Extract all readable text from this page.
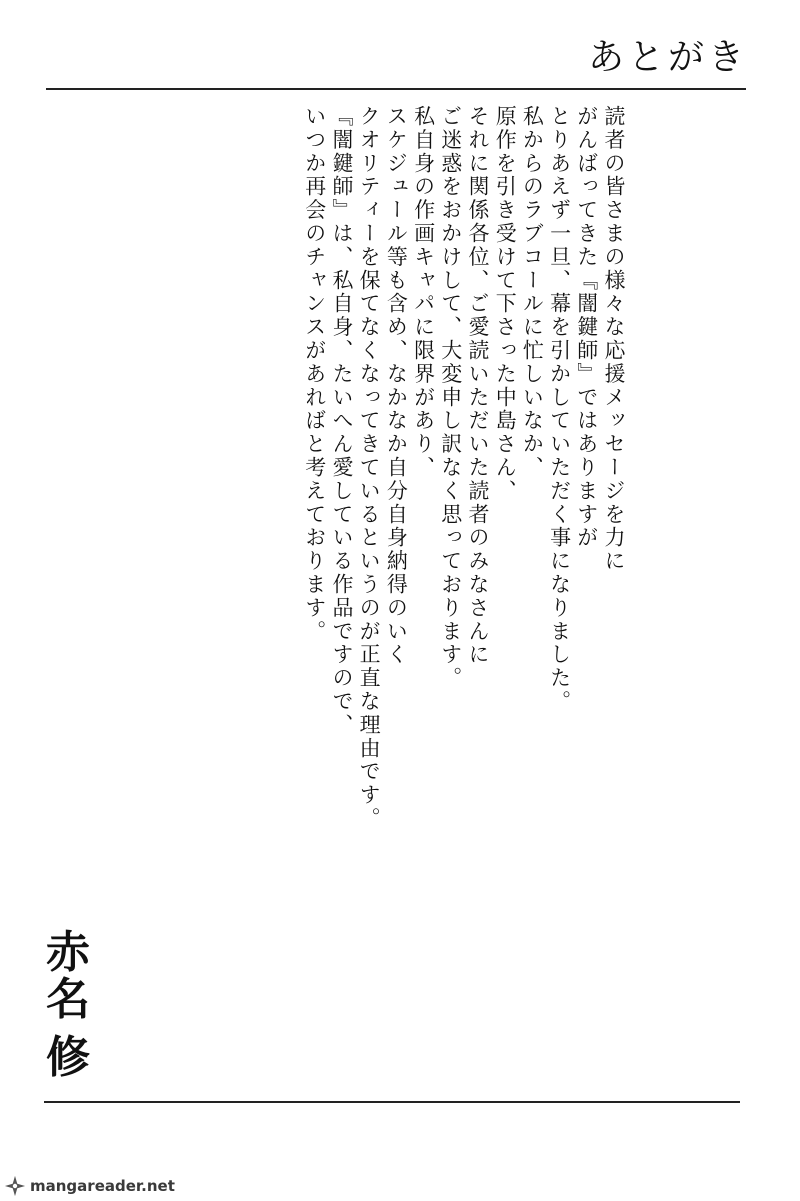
あとがき
読者の皆さまの様々な応援メッセージを力に
がんばってきた『闇鍵師』ではありますが
とりあえず一旦、幕を引かしていただく事になりました。
私からのラブコールに忙しいなか、
原作を引き受けて下さった中島さん、
それに関係各位、ご愛読いただいた読者のみなさんに
ご迷惑をおかけして、大変申し訳なく思っております。
私自身の作画キャパに限界があり、
スケジュール等も含め、なかなか自分自身納得のいく
クオリティーを保てなくなってきているというのが正直な理由です。
『闇鍵師』は、私自身、たいへん愛している作品ですので、
いつか再会のチャンスがあればと考えております。
赤
名
修
mangareader.net
